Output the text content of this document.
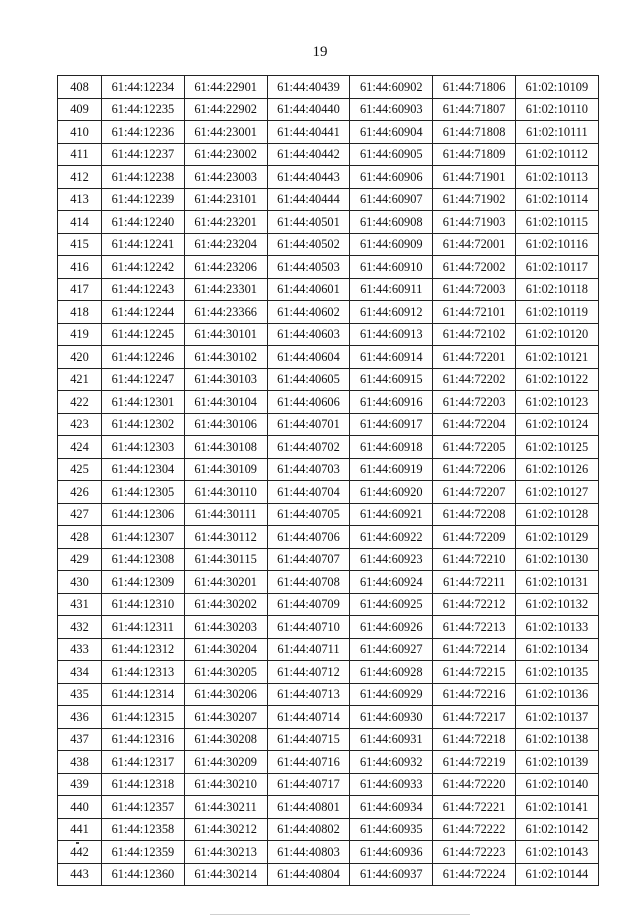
19
408	61:44:12234	61:44:22901	61:44:40439	61:44:60902	61:44:71806	61:02:10109
409	61:44:12235	61:44:22902	61:44:40440	61:44:60903	61:44:71807	61:02:10110
410	61:44:12236	61:44:23001	61:44:40441	61:44:60904	61:44:71808	61:02:10111
411	61:44:12237	61:44:23002	61:44:40442	61:44:60905	61:44:71809	61:02:10112
412	61:44:12238	61:44:23003	61:44:40443	61:44:60906	61:44:71901	61:02:10113
413	61:44:12239	61:44:23101	61:44:40444	61:44:60907	61:44:71902	61:02:10114
414	61:44:12240	61:44:23201	61:44:40501	61:44:60908	61:44:71903	61:02:10115
415	61:44:12241	61:44:23204	61:44:40502	61:44:60909	61:44:72001	61:02:10116
416	61:44:12242	61:44:23206	61:44:40503	61:44:60910	61:44:72002	61:02:10117
417	61:44:12243	61:44:23301	61:44:40601	61:44:60911	61:44:72003	61:02:10118
418	61:44:12244	61:44:23366	61:44:40602	61:44:60912	61:44:72101	61:02:10119
419	61:44:12245	61:44:30101	61:44:40603	61:44:60913	61:44:72102	61:02:10120
420	61:44:12246	61:44:30102	61:44:40604	61:44:60914	61:44:72201	61:02:10121
421	61:44:12247	61:44:30103	61:44:40605	61:44:60915	61:44:72202	61:02:10122
422	61:44:12301	61:44:30104	61:44:40606	61:44:60916	61:44:72203	61:02:10123
423	61:44:12302	61:44:30106	61:44:40701	61:44:60917	61:44:72204	61:02:10124
424	61:44:12303	61:44:30108	61:44:40702	61:44:60918	61:44:72205	61:02:10125
425	61:44:12304	61:44:30109	61:44:40703	61:44:60919	61:44:72206	61:02:10126
426	61:44:12305	61:44:30110	61:44:40704	61:44:60920	61:44:72207	61:02:10127
427	61:44:12306	61:44:30111	61:44:40705	61:44:60921	61:44:72208	61:02:10128
428	61:44:12307	61:44:30112	61:44:40706	61:44:60922	61:44:72209	61:02:10129
429	61:44:12308	61:44:30115	61:44:40707	61:44:60923	61:44:72210	61:02:10130
430	61:44:12309	61:44:30201	61:44:40708	61:44:60924	61:44:72211	61:02:10131
431	61:44:12310	61:44:30202	61:44:40709	61:44:60925	61:44:72212	61:02:10132
432	61:44:12311	61:44:30203	61:44:40710	61:44:60926	61:44:72213	61:02:10133
433	61:44:12312	61:44:30204	61:44:40711	61:44:60927	61:44:72214	61:02:10134
434	61:44:12313	61:44:30205	61:44:40712	61:44:60928	61:44:72215	61:02:10135
435	61:44:12314	61:44:30206	61:44:40713	61:44:60929	61:44:72216	61:02:10136
436	61:44:12315	61:44:30207	61:44:40714	61:44:60930	61:44:72217	61:02:10137
437	61:44:12316	61:44:30208	61:44:40715	61:44:60931	61:44:72218	61:02:10138
438	61:44:12317	61:44:30209	61:44:40716	61:44:60932	61:44:72219	61:02:10139
439	61:44:12318	61:44:30210	61:44:40717	61:44:60933	61:44:72220	61:02:10140
440	61:44:12357	61:44:30211	61:44:40801	61:44:60934	61:44:72221	61:02:10141
441	61:44:12358	61:44:30212	61:44:40802	61:44:60935	61:44:72222	61:02:10142
442	61:44:12359	61:44:30213	61:44:40803	61:44:60936	61:44:72223	61:02:10143
443	61:44:12360	61:44:30214	61:44:40804	61:44:60937	61:44:72224	61:02:10144
